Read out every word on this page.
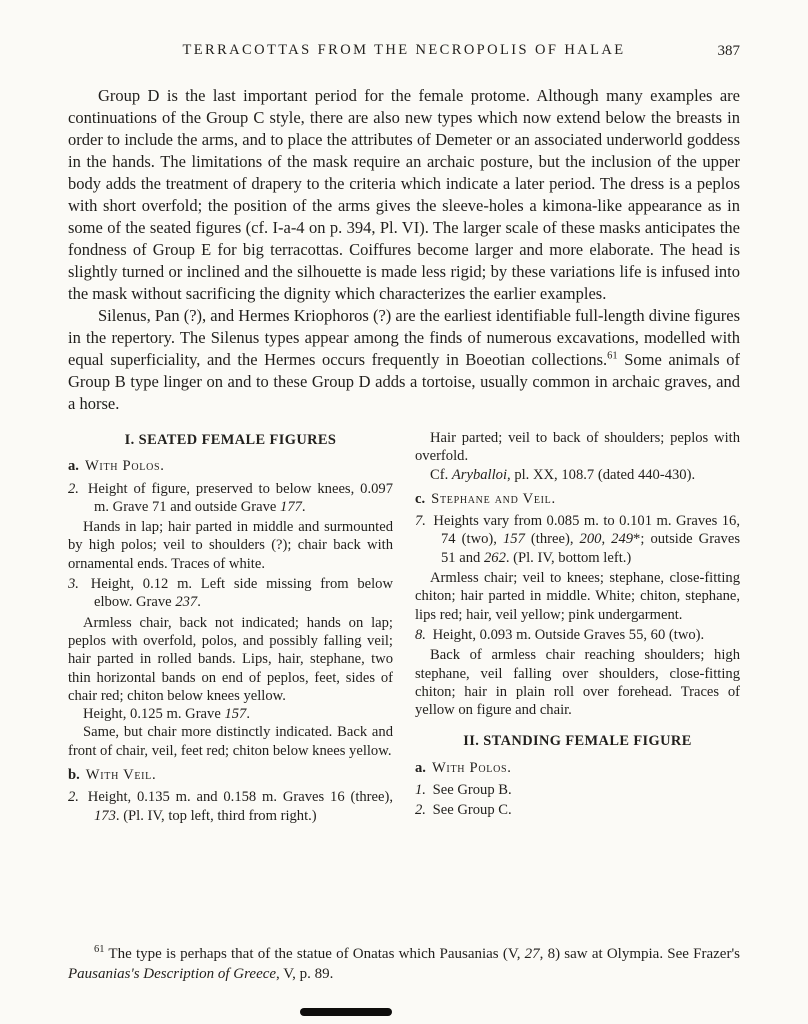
TERRACOTTAS FROM THE NECROPOLIS OF HALAE	387
Group D is the last important period for the female protome. Although many examples are continuations of the Group C style, there are also new types which now extend below the breasts in order to include the arms, and to place the attributes of Demeter or an associated underworld goddess in the hands. The limitations of the mask require an archaic posture, but the inclusion of the upper body adds the treatment of drapery to the criteria which indicate a later period. The dress is a peplos with short overfold; the position of the arms gives the sleeve-holes a kimona-like appearance as in some of the seated figures (cf. I-a-4 on p. 394, Pl. VI). The larger scale of these masks anticipates the fondness of Group E for big terracottas. Coiffures become larger and more elaborate. The head is slightly turned or inclined and the silhouette is made less rigid; by these variations life is infused into the mask without sacrificing the dignity which characterizes the earlier examples.
Silenus, Pan (?), and Hermes Kriophoros (?) are the earliest identifiable full-length divine figures in the repertory. The Silenus types appear among the finds of numerous excavations, modelled with equal superficiality, and the Hermes occurs frequently in Boeotian collections.$^{61}$ Some animals of Group B type linger on and to these Group D adds a tortoise, usually common in archaic graves, and a horse.
I. SEATED FEMALE FIGURES
a. With Polos.
2. Height of figure, preserved to below knees, 0.097 m. Grave 71 and outside Grave 177.
Hands in lap; hair parted in middle and surmounted by high polos; veil to shoulders (?); chair back with ornamental ends. Traces of white.
3. Height, 0.12 m. Left side missing from below elbow. Grave 237.
Armless chair, back not indicated; hands on lap; peplos with overfold, polos, and possibly falling veil; hair parted in rolled bands. Lips, hair, stephane, two thin horizontal bands on end of peplos, feet, sides of chair red; chiton below knees yellow.
Height, 0.125 m. Grave 157.
Same, but chair more distinctly indicated. Back and front of chair, veil, feet red; chiton below knees yellow.
b. With Veil.
2. Height, 0.135 m. and 0.158 m. Graves 16 (three), 173. (Pl. IV, top left, third from right.)
Hair parted; veil to back of shoulders; peplos with overfold.
Cf. Aryballoi, pl. XX, 108.7 (dated 440-430).
c. Stephane and Veil.
7. Heights vary from 0.085 m. to 0.101 m. Graves 16, 74 (two), 157 (three), 200, 249*; outside Graves 51 and 262. (Pl. IV, bottom left.)
Armless chair; veil to knees; stephane, close-fitting chiton; hair parted in middle. White; chiton, stephane, lips red; hair, veil yellow; pink undergarment.
8. Height, 0.093 m. Outside Graves 55, 60 (two).
Back of armless chair reaching shoulders; high stephane, veil falling over shoulders, close-fitting chiton; hair in plain roll over forehead. Traces of yellow on figure and chair.
II. STANDING FEMALE FIGURE
a. With Polos.
1. See Group B.
2. See Group C.
$^{61}$ The type is perhaps that of the statue of Onatas which Pausanias (V, 27, 8) saw at Olympia. See Frazer's Pausanias's Description of Greece, V, p. 89.
